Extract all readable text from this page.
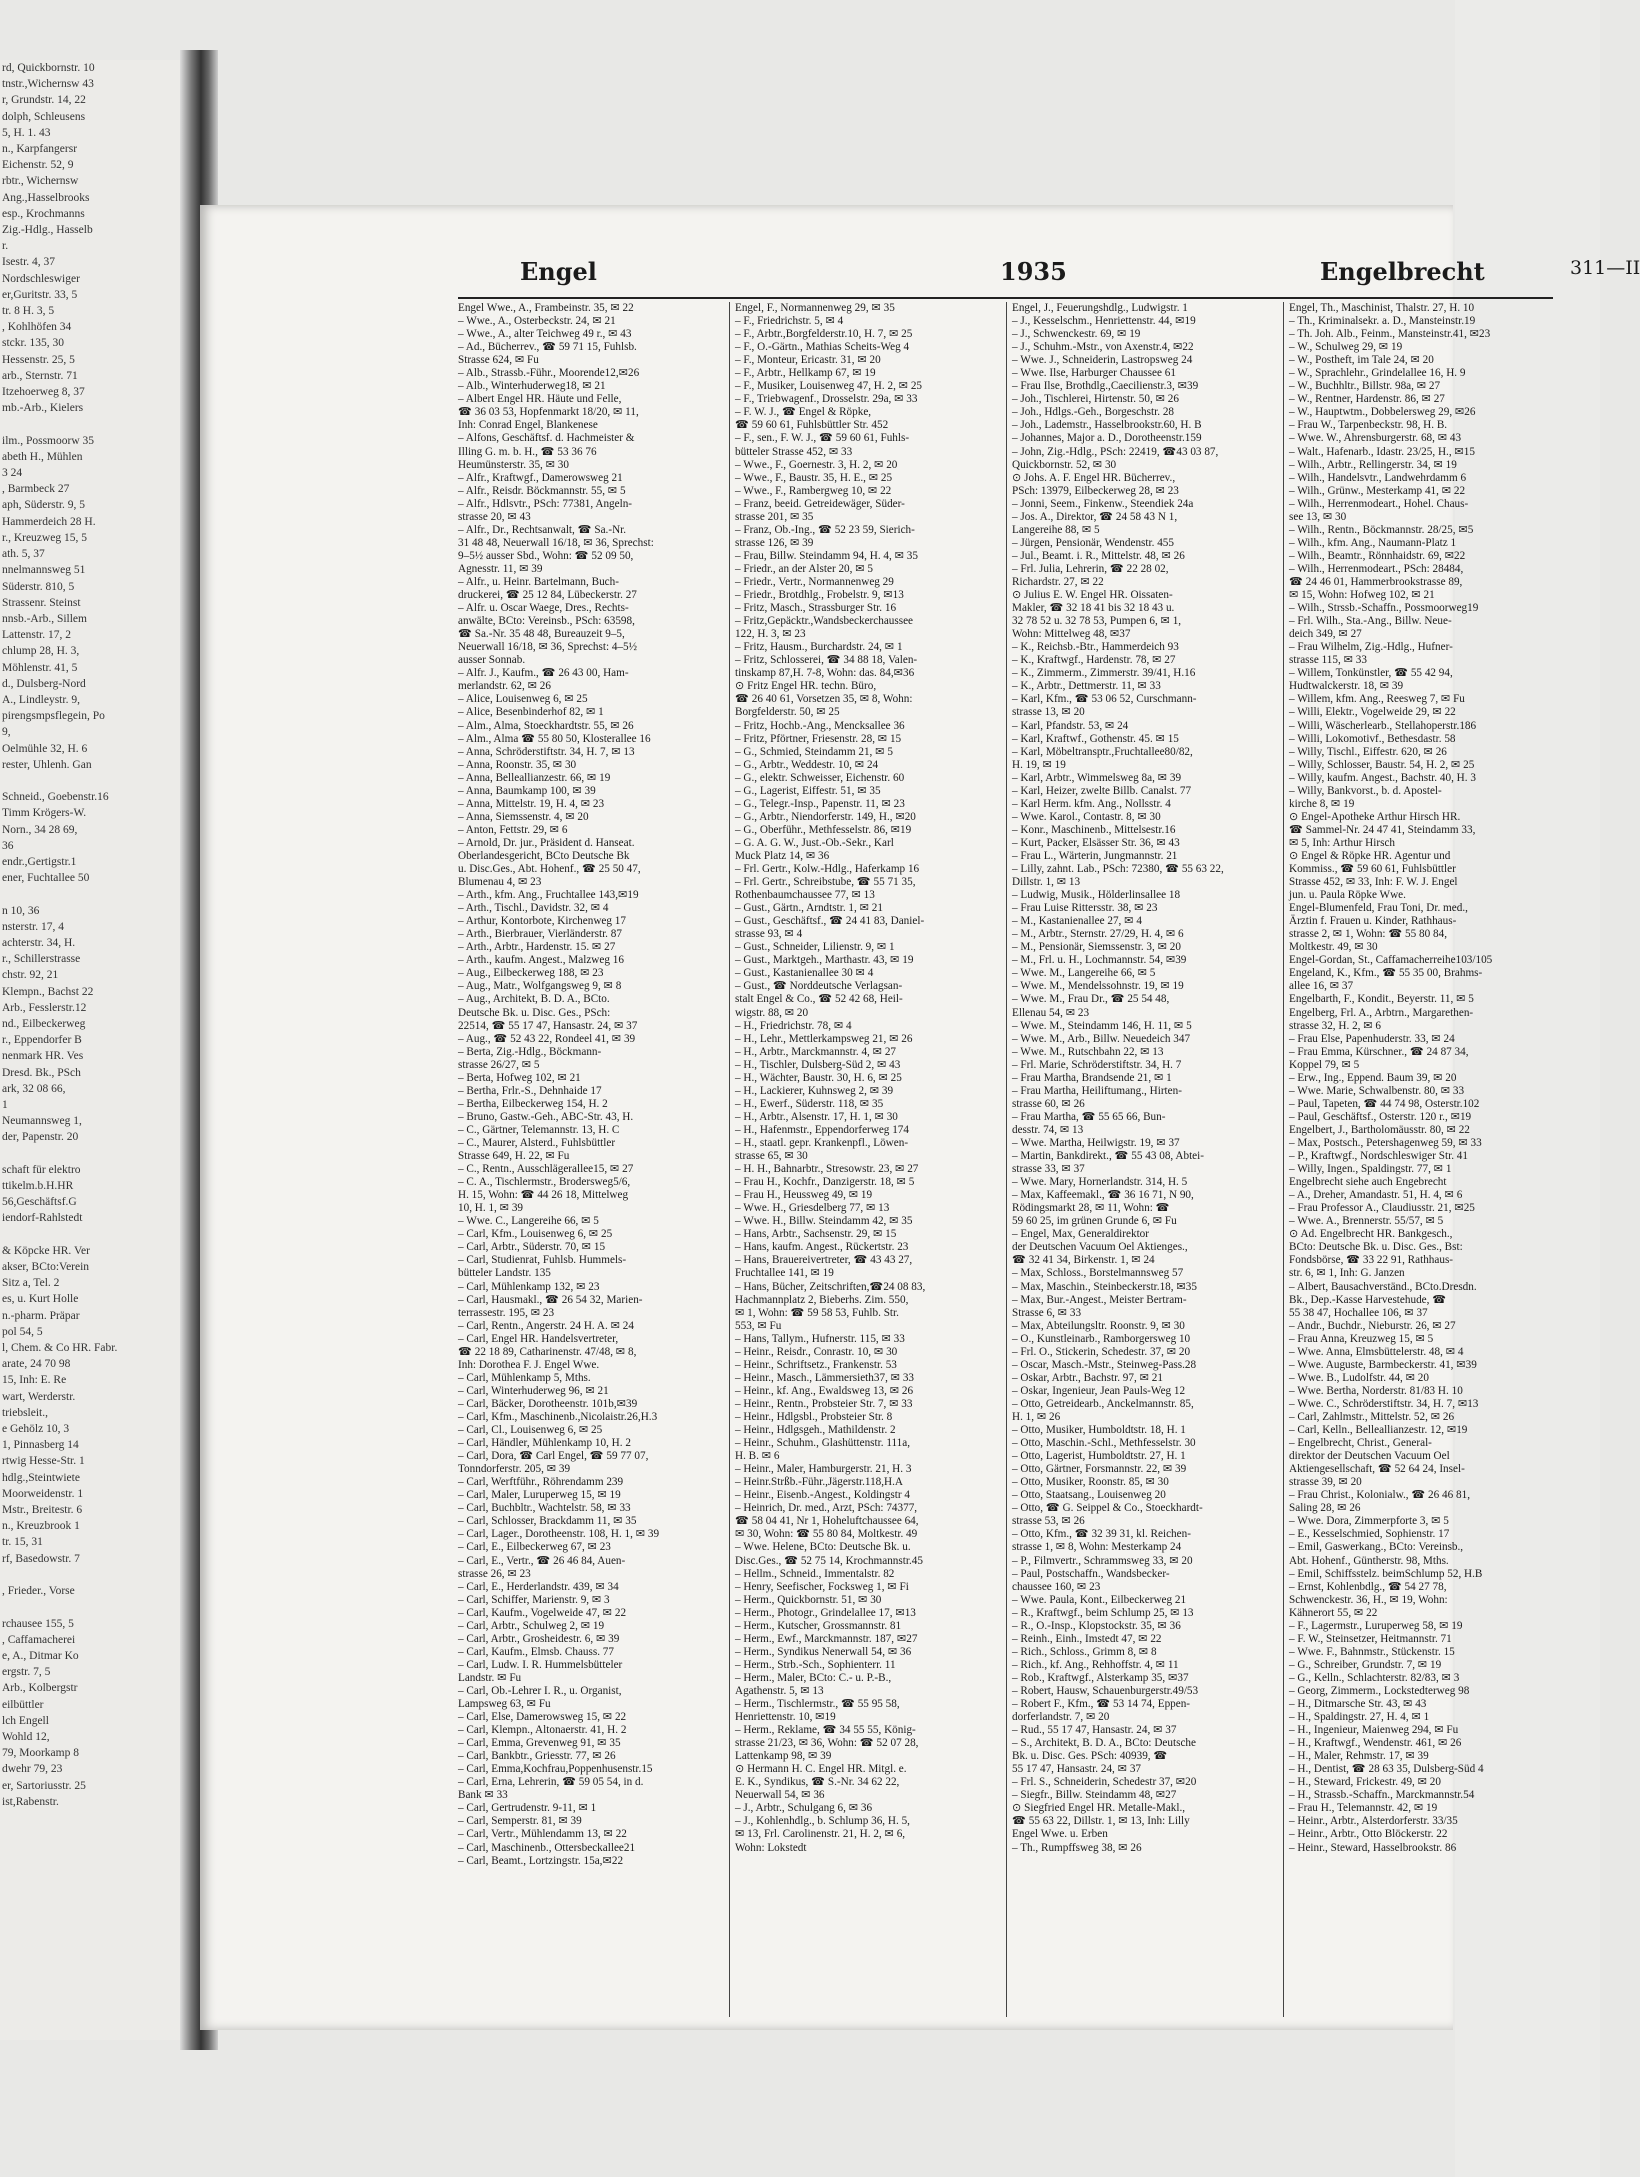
rd, Quickbornstr. 10
tnstr.,Wichernsw 43
r, Grundstr. 14, 22
dolph, Schleusens
5, H. 1. 43
n., Karpfangersr
Eichenstr. 52, 9
rbtr., Wichernsw
Ang.,Hasselbrooks
esp., Krochmanns
Zig.-Hdlg., Hasselb
r.
Isestr. 4, 37
Nordschleswiger
er,Guritstr. 33, 5
tr. 8 H. 3, 5
, Kohlhöfen 34
stckr. 135, 30
Hessenstr. 25, 5
arb., Sternstr. 71
Itzehoerweg 8, 37
mb.-Arb., Kielers

ilm., Possmoorw 35
abeth H., Mühlen
3 24
, Barmbeck 27
aph, Süderstr. 9, 5
Hammerdeich 28 H.
r., Kreuzweg 15, 5
ath. 5, 37
nnelmannsweg 51
Süderstr. 810, 5
Strassenr. Steinst
nnsb.-Arb., Sillem
Lattenstr. 17, 2
chlump 28, H. 3,
Möhlenstr. 41, 5
d., Dulsberg-Nord
A., Lindleystr. 9,
pirengsmpsflegein, Po
9,
Oelmühle 32, H. 6
rester, Uhlenh. Gan

Schneid., Goebenstr.16
Timm Krögers-W.
Norn., 34 28 69,
36
endr.,Gertigstr.1
ener, Fuchtallee 50

n 10, 36
nsterstr. 17, 4
achterstr. 34, H.
r., Schillerstrasse
chstr. 92, 21
Klempn., Bachst 22
Arb., Fesslerstr.12
nd., Eilbeckerweg
r., Eppendorfer B
nenmark HR. Ves
Dresd. Bk., PSch
ark, 32 08 66,
1
Neumannsweg 1,
der, Papenstr. 20

schaft für elektro
ttikelm.b.H.HR
56,Geschäftsf.G
iendorf-Rahlstedt

& Köpcke HR. Ver
akser, BCto:Verein
Sitz a, Tel. 2
es, u. Kurt Holle
n.-pharm. Präpar
pol 54, 5
l, Chem. & Co HR. Fabr.
arate, 24 70 98
15, Inh: E. Re
wart, Werderstr.
triebsleit.,
e Gehölz 10, 3
1, Pinnasberg 14
rtwig Hesse-Str. 1
hdlg.,Steintwiete
Moorweidenstr. 1
Mstr., Breitestr. 6
n., Kreuzbrook 1
tr. 15, 31
rf, Basedowstr. 7

, Frieder., Vorse

rchausee 155, 5
, Caffamacherei
e, A., Ditmar Ko
ergstr. 7, 5
Arb., Kolbergstr
eilbüttler
lch Engell
Wohld 12,
79, Moorkamp 8
dwehr 79, 23
er, Sartoriusstr. 25
ist,Rabenstr.
Engel	1935	Engelbrecht	311—II
Engel Wwe., A., Frambeinstr. 35, ✉ 22
– Wwe., A., Osterbeckstr. 24, ✉ 21
– Wwe., A., alter Teichweg 49 r., ✉ 43
– Ad., Bücherrev., ☎ 59 71 15, Fuhlsb.
Strasse 624, ✉ Fu
– Alb., Strassb.-Führ., Moorende12,✉26
– Alb., Winterhuderweg18, ✉ 21
– Albert Engel HR. Häute und Felle,
☎ 36 03 53, Hopfenmarkt 18/20, ✉ 11,
Inh: Conrad Engel, Blankenese
– Alfons, Geschäftsf. d. Hachmeister &
Illing G. m. b. H., ☎ 53 36 76
Heumünsterstr. 35, ✉ 30
– Alfr., Kraftwgf., Damerowsweg 21
– Alfr., Reisdr. Böckmannstr. 55, ✉ 5
– Alfr., Hdlsvtr., PSch: 77381, Angeln-
strasse 20, ✉ 43
– Alfr., Dr., Rechtsanwalt, ☎ Sa.-Nr.
31 48 48, Neuerwall 16/18, ✉ 36, Sprechst:
9–5½ ausser Sbd., Wohn: ☎ 52 09 50,
Agnesstr. 11, ✉ 39
– Alfr., u. Heinr. Bartelmann, Buch-
druckerei, ☎ 25 12 84, Lübeckerstr. 27
– Alfr. u. Oscar Waege, Dres., Rechts-
anwälte, BCto: Vereinsb., PSch: 63598,
☎ Sa.-Nr. 35 48 48, Bureauzeit 9–5,
Neuerwall 16/18, ✉ 36, Sprechst: 4–5½
ausser Sonnab.
– Alfr. J., Kaufm., ☎ 26 43 00, Ham-
merlandstr. 62, ✉ 26
– Alice, Louisenweg 6, ✉ 25
– Alice, Besenbinderhof 82, ✉ 1
– Alm., Alma, Stoeckhardtstr. 55, ✉ 26
– Alm., Alma ☎ 55 80 50, Klosterallee 16
– Anna, Schröderstiftstr. 34, H. 7, ✉ 13
– Anna, Roonstr. 35, ✉ 30
– Anna, Belleallianzestr. 66, ✉ 19
– Anna, Baumkamp 100, ✉ 39
– Anna, Mittelstr. 19, H. 4, ✉ 23
– Anna, Siemssenstr. 4, ✉ 20
– Anton, Fettstr. 29, ✉ 6
– Arnold, Dr. jur., Präsident d. Hanseat.
Oberlandesgericht, BCto Deutsche Bk
u. Disc.Ges., Abt. Hohenf., ☎ 25 50 47,
Blumenau 4, ✉ 23
– Arth., kfm. Ang., Fruchtallee 143,✉19
– Arth., Tischl., Davidstr. 32, ✉ 4
– Arthur, Kontorbote, Kirchenweg 17
– Arth., Bierbrauer, Vierländerstr. 87
– Arth., Arbtr., Hardenstr. 15. ✉ 27
– Arth., kaufm. Angest., Malzweg 16
– Aug., Eilbeckerweg 188, ✉ 23
– Aug., Matr., Wolfgangsweg 9, ✉ 8
– Aug., Architekt, B. D. A., BCto.
Deutsche Bk. u. Disc. Ges., PSch:
22514, ☎ 55 17 47, Hansastr. 24, ✉ 37
– Aug., ☎ 52 43 22, Rondeel 41, ✉ 39
– Berta, Zig.-Hdlg., Böckmann-
strasse 26/27, ✉ 5
– Berta, Hofweg 102, ✉ 21
– Bertha, Frlr.-S., Dehnhaide 17
– Bertha, Eilbeckerweg 154, H. 2
– Bruno, Gastw.-Geh., ABC-Str. 43, H.
– C., Gärtner, Telemannstr. 13, H. C
– C., Maurer, Alsterd., Fuhlsbüttler
Strasse 649, H. 22, ✉ Fu
– C., Rentn., Ausschlägerallee15, ✉ 27
– C. A., Tischlermstr., Brodersweg5/6,
H. 15, Wohn: ☎ 44 26 18, Mittelweg
10, H. 1, ✉ 39
– Wwe. C., Langereihe 66, ✉ 5
– Carl, Kfm., Louisenweg 6, ✉ 25
– Carl, Arbtr., Süderstr. 70, ✉ 15
– Carl, Studienrat, Fuhlsb. Hummels-
bütteler Landstr. 135
– Carl, Mühlenkamp 132, ✉ 23
– Carl, Hausmakl., ☎ 26 54 32, Marien-
terrassestr. 195, ✉ 23
– Carl, Rentn., Angerstr. 24 H. A. ✉ 24
– Carl, Engel HR. Handelsvertreter,
☎ 22 18 89, Catharinenstr. 47/48, ✉ 8,
Inh: Dorothea F. J. Engel Wwe.
– Carl, Mühlenkamp 5, Mths.
– Carl, Winterhuderweg 96, ✉ 21
– Carl, Bäcker, Dorotheenstr. 101b,✉39
– Carl, Kfm., Maschinenb.,Nicolaistr.26,H.3
– Carl, Cl., Louisenweg 6, ✉ 25
– Carl, Händler, Mühlenkamp 10, H. 2
– Carl, Dora, ☎ Carl Engel, ☎ 59 77 07,
Tonndorferstr. 205, ✉ 39
– Carl, Werftführ., Röhrendamm 239
– Carl, Maler, Luruperweg 15, ✉ 19
– Carl, Buchbltr., Wachtelstr. 58, ✉ 33
– Carl, Schlosser, Brackdamm 11, ✉ 35
– Carl, Lager., Dorotheenstr. 108, H. 1, ✉ 39
– Carl, E., Eilbeckerweg 67, ✉ 23
– Carl, E., Vertr., ☎ 26 46 84, Auen-
strasse 26, ✉ 23
– Carl, E., Herderlandstr. 439, ✉ 34
– Carl, Schiffer, Marienstr. 9, ✉ 3
– Carl, Kaufm., Vogelweide 47, ✉ 22
– Carl, Arbtr., Schulweg 2, ✉ 19
– Carl, Arbtr., Grosheidestr. 6, ✉ 39
– Carl, Kaufm., Elmsb. Chauss. 77
– Carl, Ludw. I. R. Hummelsbütteler
Landstr. ✉ Fu
– Carl, Ob.-Lehrer I. R., u. Organist,
Lampsweg 63, ✉ Fu
– Carl, Else, Damerowsweg 15, ✉ 22
– Carl, Klempn., Altonaerstr. 41, H. 2
– Carl, Emma, Grevenweg 91, ✉ 35
– Carl, Bankbtr., Griesstr. 77, ✉ 26
– Carl, Emma,Kochfrau,Poppenhusenstr.15
– Carl, Erna, Lehrerin, ☎ 59 05 54, in d.
Bank ✉ 33
– Carl, Gertrudenstr. 9-11, ✉ 1
– Carl, Semperstr. 81, ✉ 39
– Carl, Vertr., Mühlendamm 13, ✉ 22
– Carl, Maschinenb., Ottersbeckallee21
– Carl, Beamt., Lortzingstr. 15a,✉22
Engel, F., Normannenweg 29, ✉ 35
– F., Friedrichstr. 5, ✉ 4
– F., Arbtr.,Borgfelderstr.10, H. 7, ✉ 25
– F., O.-Gärtn., Mathias Scheits-Weg 4
– F., Monteur, Ericastr. 31, ✉ 20
– F., Arbtr., Hellkamp 67, ✉ 19
– F., Musiker, Louisenweg 47, H. 2, ✉ 25
– F., Triebwagenf., Drosselstr. 29a, ✉ 33
– F. W. J., ☎ Engel & Röpke,
☎ 59 60 61, Fuhlsbüttler Str. 452
– F., sen., F. W. J., ☎ 59 60 61, Fuhls-
bütteler Strasse 452, ✉ 33
– Wwe., F., Goernestr. 3, H. 2, ✉ 20
– Wwe., F., Baustr. 35, H. E., ✉ 25
– Wwe., F., Rambergweg 10, ✉ 22
– Franz, beeid. Getreidewäger, Süder-
strasse 201, ✉ 35
– Franz, Ob.-Ing., ☎ 52 23 59, Sierich-
strasse 126, ✉ 39
– Frau, Billw. Steindamm 94, H. 4, ✉ 35
– Friedr., an der Alster 20, ✉ 5
– Friedr., Vertr., Normannenweg 29
– Friedr., Brotdhlg., Frobelstr. 9, ✉13
– Fritz, Masch., Strassburger Str. 16
– Fritz,Gepäcktr.,Wandsbeckerchaussee
122, H. 3, ✉ 23
– Fritz, Hausm., Burchardstr. 24, ✉ 1
– Fritz, Schlosserei, ☎ 34 88 18, Valen-
tinskamp 87,H. 7-8, Wohn: das. 84,✉36
⊙ Fritz Engel HR. techn. Büro,
☎ 26 40 61, Vorsetzen 35, ✉ 8, Wohn:
Borgfelderstr. 50, ✉ 25
– Fritz, Hochb.-Ang., Mencksallee 36
– Fritz, Pförtner, Friesenstr. 28, ✉ 15
– G., Schmied, Steindamm 21, ✉ 5
– G., Arbtr., Weddestr. 10, ✉ 24
– G., elektr. Schweisser, Eichenstr. 60
– G., Lagerist, Eiffestr. 51, ✉ 35
– G., Telegr.-Insp., Papenstr. 11, ✉ 23
– G., Arbtr., Niendorferstr. 149, H., ✉20
– G., Oberführ., Methfesselstr. 86, ✉19
– G. A. G. W., Just.-Ob.-Sekr., Karl
Muck Platz 14, ✉ 36
– Frl. Gertr., Kolw.-Hdlg., Haferkamp 16
– Frl. Gertr., Schreibstube, ☎ 55 71 35,
Rothenbaumchaussee 77, ✉ 13
– Gust., Gärtn., Arndtstr. 1, ✉ 21
– Gust., Geschäftsf., ☎ 24 41 83, Daniel-
strasse 93, ✉ 4
– Gust., Schneider, Lilienstr. 9, ✉ 1
– Gust., Marktgeh., Marthastr. 43, ✉ 19
– Gust., Kastanienallee 30 ✉ 4
– Gust., ☎ Norddeutsche Verlagsan-
stalt Engel & Co., ☎ 52 42 68, Heil-
wigstr. 88, ✉ 20
– H., Friedrichstr. 78, ✉ 4
– H., Lehr., Mettlerkampsweg 21, ✉ 26
– H., Arbtr., Marckmannstr. 4, ✉ 27
– H., Tischler, Dulsberg-Süd 2, ✉ 43
– H., Wächter, Baustr. 30, H. 6, ✉ 25
– H., Lackierer, Kuhnsweg 2, ✉ 39
– H., Ewerf., Süderstr. 118, ✉ 35
– H., Arbtr., Alsenstr. 17, H. 1, ✉ 30
– H., Hafenmstr., Eppendorferweg 174
– H., staatl. gepr. Krankenpfl., Löwen-
strasse 65, ✉ 30
– H. H., Bahnarbtr., Stresowstr. 23, ✉ 27
– Frau H., Kochfr., Danzigerstr. 18, ✉ 5
– Frau H., Heussweg 49, ✉ 19
– Wwe. H., Griesdelberg 77, ✉ 13
– Wwe. H., Billw. Steindamm 42, ✉ 35
– Hans, Arbtr., Sachsenstr. 29, ✉ 15
– Hans, kaufm. Angest., Rückertstr. 23
– Hans, Brauereivertreter, ☎ 43 43 27,
Fruchtallee 141, ✉ 19
– Hans, Bücher, Zeitschriften,☎24 08 83,
Hachmannplatz 2, Bieberhs. Zim. 550,
✉ 1, Wohn: ☎ 59 58 53, Fuhlb. Str.
553, ✉ Fu
– Hans, Tallym., Hufnerstr. 115, ✉ 33
– Heinr., Reisdr., Conrastr. 10, ✉ 30
– Heinr., Schriftsetz., Frankenstr. 53
– Heinr., Masch., Lämmersieth37, ✉ 33
– Heinr., kf. Ang., Ewaldsweg 13, ✉ 26
– Heinr., Rentn., Probsteier Str. 7, ✉ 33
– Heinr., Hdlgsbl., Probsteier Str. 8
– Heinr., Hdlgsgeh., Mathildenstr. 2
– Heinr., Schuhm., Glashüttenstr. 111a,
H. B. ✉ 6
– Heinr., Maler, Hamburgerstr. 21, H. 3
– Heinr.Strßb.-Führ.,Jägerstr.118,H.A
– Heinr., Eisenb.-Angest., Koldingstr 4
– Heinrich, Dr. med., Arzt, PSch: 74377,
☎ 58 04 41, Nr 1, Hoheluftchaussee 64,
✉ 30, Wohn: ☎ 55 80 84, Moltkestr. 49
– Wwe. Helene, BCto: Deutsche Bk. u.
Disc.Ges., ☎ 52 75 14, Krochmannstr.45
– Hellm., Schneid., Immentalstr. 82
– Henry, Seefischer, Focksweg 1, ✉ Fi
– Herm., Quickbornstr. 51, ✉ 30
– Herm., Photogr., Grindelallee 17, ✉13
– Herm., Kutscher, Grossmannstr. 81
– Herm., Ewf., Marckmannstr. 187, ✉27
– Herm., Syndikus Nenerwall 54, ✉ 36
– Herm., Strb.-Sch., Sophienterr. 11
– Herm., Maler, BCto: C.- u. P.-B.,
Agathenstr. 5, ✉ 13
– Herm., Tischlermstr., ☎ 55 95 58,
Henriettenstr. 10, ✉19
– Herm., Reklame, ☎ 34 55 55, König-
strasse 21/23, ✉ 36, Wohn: ☎ 52 07 28,
Lattenkamp 98, ✉ 39
⊙ Hermann H. C. Engel HR. Mitgl. e.
E. K., Syndikus, ☎ S.-Nr. 34 62 22,
Neuerwall 54, ✉ 36
– J., Arbtr., Schulgang 6, ✉ 36
– J., Kohlenhdlg., b. Schlump 36, H. 5,
✉ 13, Frl. Carolinenstr. 21, H. 2, ✉ 6,
Wohn: Lokstedt
Engel, J., Feuerungshdlg., Ludwigstr. 1
– J., Kesselschm., Henriettenstr. 44, ✉19
– J., Schwenckestr. 69, ✉ 19
– J., Schuhm.-Mstr., von Axenstr.4, ✉22
– Wwe. J., Schneiderin, Lastropsweg 24
– Wwe. Ilse, Harburger Chaussee 61
– Frau Ilse, Brothdlg.,Caecilienstr.3, ✉39
– Joh., Tischlerei, Hirtenstr. 50, ✉ 26
– Joh., Hdlgs.-Geh., Borgeschstr. 28
– Joh., Lademstr., Hasselbrookstr.60, H. B
– Johannes, Major a. D., Dorotheenstr.159
– John, Zig.-Hdlg., PSch: 22419, ☎43 03 87,
Quickbornstr. 52, ✉ 30
⊙ Johs. A. F. Engel HR. Bücherrev.,
PSch: 13979, Eilbeckerweg 28, ✉ 23
– Jonni, Seem., Finkenw., Steendiek 24a
– Jos. A., Direktor, ☎ 24 58 43 N 1,
Langereihe 88, ✉ 5
– Jürgen, Pensionär, Wendenstr. 455
– Jul., Beamt. i. R., Mittelstr. 48, ✉ 26
– Frl. Julia, Lehrerin, ☎ 22 28 02,
Richardstr. 27, ✉ 22
⊙ Julius E. W. Engel HR. Oissaten-
Makler, ☎ 32 18 41 bis 32 18 43 u.
32 78 52 u. 32 78 53, Pumpen 6, ✉ 1,
Wohn: Mittelweg 48, ✉37
– K., Reichsb.-Btr., Hammerdeich 93
– K., Kraftwgf., Hardenstr. 78, ✉ 27
– K., Zimmerm., Zimmerstr. 39/41, H.16
– K., Arbtr., Dettmerstr. 11, ✉ 33
– Karl, Kfm., ☎ 53 06 52, Curschmann-
strasse 13, ✉ 20
– Karl, Pfandstr. 53, ✉ 24
– Karl, Kraftwf., Gothenstr. 45. ✉ 15
– Karl, Möbeltransptr.,Fruchtallee80/82,
H. 19, ✉ 19
– Karl, Arbtr., Wimmelsweg 8a, ✉ 39
– Karl, Heizer, zwelte Billb. Canalst. 77
– Karl Herm. kfm. Ang., Nollsstr. 4
– Wwe. Karol., Contastr. 8, ✉ 30
– Konr., Maschinenb., Mittelsestr.16
– Kurt, Packer, Elsässer Str. 36, ✉ 43
– Frau L., Wärterin, Jungmannstr. 21
– Lilly, zahnt. Lab., PSch: 72380, ☎ 55 63 22,
Dillstr. 1, ✉ 13
– Ludwig, Musik., Hölderlinsallee 18
– Frau Luise Rittersstr. 38, ✉ 23
– M., Kastanienallee 27, ✉ 4
– M., Arbtr., Sternstr. 27/29, H. 4, ✉ 6
– M., Pensionär, Siemssenstr. 3, ✉ 20
– M., Frl. u. H., Lochmannstr. 54, ✉39
– Wwe. M., Langereihe 66, ✉ 5
– Wwe. M., Mendelssohnstr. 19, ✉ 19
– Wwe. M., Frau Dr., ☎ 25 54 48,
Ellenau 54, ✉ 23
– Wwe. M., Steindamm 146, H. 11, ✉ 5
– Wwe. M., Arb., Billw. Neuedeich 347
– Wwe. M., Rutschbahn 22, ✉ 13
– Frl. Marie, Schröderstiftstr. 34, H. 7
– Frau Martha, Brandsende 21, ✉ 1
– Frau Martha, Heiliftumang., Hirten-
strasse 60, ✉ 26
– Frau Martha, ☎ 55 65 66, Bun-
desstr. 74, ✉ 13
– Wwe. Martha, Heilwigstr. 19, ✉ 37
– Martin, Bankdirekt., ☎ 55 43 08, Abtei-
strasse 33, ✉ 37
– Wwe. Mary, Hornerlandstr. 314, H. 5
– Max, Kaffeemakl., ☎ 36 16 71, N 90,
Rödingsmarkt 28, ✉ 11, Wohn: ☎
59 60 25, im grünen Grunde 6, ✉ Fu
– Engel, Max, Generaldirektor
der Deutschen Vacuum Oel Aktienges.,
☎ 32 41 34, Birkenstr. 1, ✉ 24
– Max, Schloss., Borstelmannsweg 57
– Max, Maschin., Steinbeckerstr.18, ✉35
– Max, Bur.-Angest., Meister Bertram-
Strasse 6, ✉ 33
– Max, Abteilungsltr. Roonstr. 9, ✉ 30
– O., Kunstleinarb., Ramborgersweg 10
– Frl. O., Stickerin, Schedestr. 37, ✉ 20
– Oscar, Masch.-Mstr., Steinweg-Pass.28
– Oskar, Arbtr., Bachstr. 97, ✉ 21
– Oskar, Ingenieur, Jean Pauls-Weg 12
– Otto, Getreidearb., Anckelmannstr. 85,
H. 1, ✉ 26
– Otto, Musiker, Humboldtstr. 18, H. 1
– Otto, Maschin.-Schl., Methfesselstr. 30
– Otto, Lagerist, Humboldtstr. 27, H. 1
– Otto, Gärtner, Forsmannstr. 22, ✉ 39
– Otto, Musiker, Roonstr. 85, ✉ 30
– Otto, Staatsang., Louisenweg 20
– Otto, ☎ G. Seippel & Co., Stoeckhardt-
strasse 53, ✉ 26
– Otto, Kfm., ☎ 32 39 31, kl. Reichen-
strasse 1, ✉ 8, Wohn: Mesterkamp 24
– P., Filmvertr., Schrammsweg 33, ✉ 20
– Paul, Postschaffn., Wandsbecker-
chaussee 160, ✉ 23
– Wwe. Paula, Kont., Eilbeckerweg 21
– R., Kraftwgf., beim Schlump 25, ✉ 13
– R., O.-Insp., Klopstockstr. 35, ✉ 36
– Reinh., Einh., Imstedt 47, ✉ 22
– Rich., Schloss., Grimm 8, ✉ 8
– Rich., kf. Ang., Rehhoffstr. 4, ✉ 11
– Rob., Kraftwgf., Alsterkamp 35, ✉37
– Robert, Hausw, Schauenburgerstr.49/53
– Robert F., Kfm., ☎ 53 14 74, Eppen-
dorferlandstr. 7, ✉ 20
– Rud., 55 17 47, Hansastr. 24, ✉ 37
– S., Architekt, B. D. A., BCto: Deutsche
Bk. u. Disc. Ges. PSch: 40939, ☎
55 17 47, Hansastr. 24, ✉ 37
– Frl. S., Schneiderin, Schedestr 37, ✉20
– Siegfr., Billw. Steindamm 48, ✉27
⊙ Siegfried Engel HR. Metalle-Makl.,
☎ 55 63 22, Dillstr. 1, ✉ 13, Inh: Lilly
Engel Wwe. u. Erben
– Th., Rumpffsweg 38, ✉ 26
Engel, Th., Maschinist, Thalstr. 27, H. 10
– Th., Kriminalsekr. a. D., Mansteinstr.19
– Th. Joh. Alb., Feinm., Mansteinstr.41, ✉23
– W., Schulweg 29, ✉ 19
– W., Postheft, im Tale 24, ✉ 20
– W., Sprachlehr., Grindelallee 16, H. 9
– W., Buchhltr., Billstr. 98a, ✉ 27
– W., Rentner, Hardenstr. 86, ✉ 27
– W., Hauptwtm., Dobbelersweg 29, ✉26
– Frau W., Tarpenbeckstr. 98, H. B.
– Wwe. W., Ahrensburgerstr. 68, ✉ 43
– Walt., Hafenarb., Idastr. 23/25, H., ✉15
– Wilh., Arbtr., Rellingerstr. 34, ✉ 19
– Wilh., Handelsvtr., Landwehrdamm 6
– Wilh., Grünw., Mesterkamp 41, ✉ 22
– Wilh., Herrenmodeart., Hohel. Chaus-
see 13, ✉ 30
– Wilh., Rentn., Böckmannstr. 28/25, ✉5
– Wilh., kfm. Ang., Naumann-Platz 1
– Wilh., Beamtr., Rönnhaidstr. 69, ✉22
– Wilh., Herrenmodeart., PSch: 28484,
☎ 24 46 01, Hammerbrookstrasse 89,
✉ 15, Wohn: Hofweg 102, ✉ 21
– Wilh., Strssb.-Schaffn., Possmoorweg19
– Frl. Wilh., Sta.-Ang., Billw. Neue-
deich 349, ✉ 27
– Frau Wilhelm, Zig.-Hdlg., Hufner-
strasse 115, ✉ 33
– Willem, Tonkünstler, ☎ 55 42 94,
Hudtwalckerstr. 18, ✉ 39
– Willem, kfm. Ang., Reesweg 7, ✉ Fu
– Willi, Elektr., Vogelweide 29, ✉ 22
– Willi, Wäscherlearb., Stellahoperstr.186
– Willi, Lokomotivf., Bethesdastr. 58
– Willy, Tischl., Eiffestr. 620, ✉ 26
– Willy, Schlosser, Baustr. 54, H. 2, ✉ 25
– Willy, kaufm. Angest., Bachstr. 40, H. 3
– Willy, Bankvorst., b. d. Apostel-
kirche 8, ✉ 19
⊙ Engel-Apotheke Arthur Hirsch HR.
☎ Sammel-Nr. 24 47 41, Steindamm 33,
✉ 5, Inh: Arthur Hirsch
⊙ Engel & Röpke HR. Agentur und
Kommiss., ☎ 59 60 61, Fuhlsbüttler
Strasse 452, ✉ 33, Inh: F. W. J. Engel
jun. u. Paula Röpke Wwe.
Engel-Blumenfeld, Frau Toni, Dr. med.,
Ärztin f. Frauen u. Kinder, Rathhaus-
strasse 2, ✉ 1, Wohn: ☎ 55 80 84,
Moltkestr. 49, ✉ 30
Engel-Gordan, St., Caffamacherreihe103/105
Engeland, K., Kfm., ☎ 55 35 00, Brahms-
allee 16, ✉ 37
Engelbarth, F., Kondit., Beyerstr. 11, ✉ 5
Engelberg, Frl. A., Arbtrn., Margarethen-
strasse 32, H. 2, ✉ 6
– Frau Else, Papenhuderstr. 33, ✉ 24
– Frau Emma, Kürschner., ☎ 24 87 34,
Koppel 79, ✉ 5
– Erw., Ing., Eppend. Baum 39, ✉ 20
– Wwe. Marie, Schwalbenstr. 80, ✉ 33
– Paul, Tapeten, ☎ 44 74 98, Osterstr.102
– Paul, Geschäftsf., Osterstr. 120 r., ✉19
Engelbert, J., Bartholomäusstr. 80, ✉ 22
– Max, Postsch., Petershagenweg 59, ✉ 33
– P., Kraftwgf., Nordschleswiger Str. 41
– Willy, Ingen., Spaldingstr. 77, ✉ 1
Engelbrecht siehe auch Engebrecht
– A., Dreher, Amandastr. 51, H. 4, ✉ 6
– Frau Professor A., Claudiusstr. 21, ✉25
– Wwe. A., Brennerstr. 55/57, ✉ 5
⊙ Ad. Engelbrecht HR. Bankgesch.,
BCto: Deutsche Bk. u. Disc. Ges., Bst:
Fondsbörse, ☎ 33 22 91, Rathhaus-
str. 6, ✉ 1, Inh: G. Janzen
– Albert, Bausachverständ., BCto.Dresdn.
Bk., Dep.-Kasse Harvestehude, ☎
55 38 47, Hochallee 106, ✉ 37
– Andr., Buchdr., Nieburstr. 26, ✉ 27
– Frau Anna, Kreuzweg 15, ✉ 5
– Wwe. Anna, Elmsbüttelerstr. 48, ✉ 4
– Wwe. Auguste, Barmbeckerstr. 41, ✉39
– Wwe. B., Ludolfstr. 44, ✉ 20
– Wwe. Bertha, Norderstr. 81/83 H. 10
– Wwe. C., Schröderstiftstr. 34, H. 7, ✉13
– Carl, Zahlmstr., Mittelstr. 52, ✉ 26
– Carl, Kelln., Belleallianzestr. 12, ✉19
– Engelbrecht, Christ., General-
direktor der Deutschen Vacuum Oel
Aktiengesellschaft, ☎ 52 64 24, Insel-
strasse 39, ✉ 20
– Frau Christ., Kolonialw., ☎ 26 46 81,
Saling 28, ✉ 26
– Wwe. Dora, Zimmerpforte 3, ✉ 5
– E., Kesselschmied, Sophienstr. 17
– Emil, Gaswerkang., BCto: Vereinsb.,
Abt. Hohenf., Güntherstr. 98, Mths.
– Emil, Schiffsstelz. beimSchlump 52, H.B
– Ernst, Kohlenbdlg., ☎ 54 27 78,
Schwenckestr. 36, H., ✉ 19, Wohn:
Kähnerort 55, ✉ 22
– F., Lagermstr., Luruperweg 58, ✉ 19
– F. W., Steinsetzer, Heitmannstr. 71
– Wwe. F., Bahnmstr., Stückenstr. 15
– G., Schreiber, Grundstr. 7, ✉ 19
– G., Kelln., Schlachterstr. 82/83, ✉ 3
– Georg, Zimmerm., Lockstedterweg 98
– H., Ditmarsche Str. 43, ✉ 43
– H., Spaldingstr. 27, H. 4, ✉ 1
– H., Ingenieur, Maienweg 294, ✉ Fu
– H., Kraftwgf., Wendenstr. 461, ✉ 26
– H., Maler, Rehmstr. 17, ✉ 39
– H., Dentist, ☎ 28 63 35, Dulsberg-Süd 4
– H., Steward, Frickestr. 49, ✉ 20
– H., Strassb.-Schaffn., Marckmannstr.54
– Frau H., Telemannstr. 42, ✉ 19
– Heinr., Arbtr., Alsterdorferstr. 33/35
– Heinr., Arbtr., Otto Blöckerstr. 22
– Heinr., Steward, Hasselbrookstr. 86
